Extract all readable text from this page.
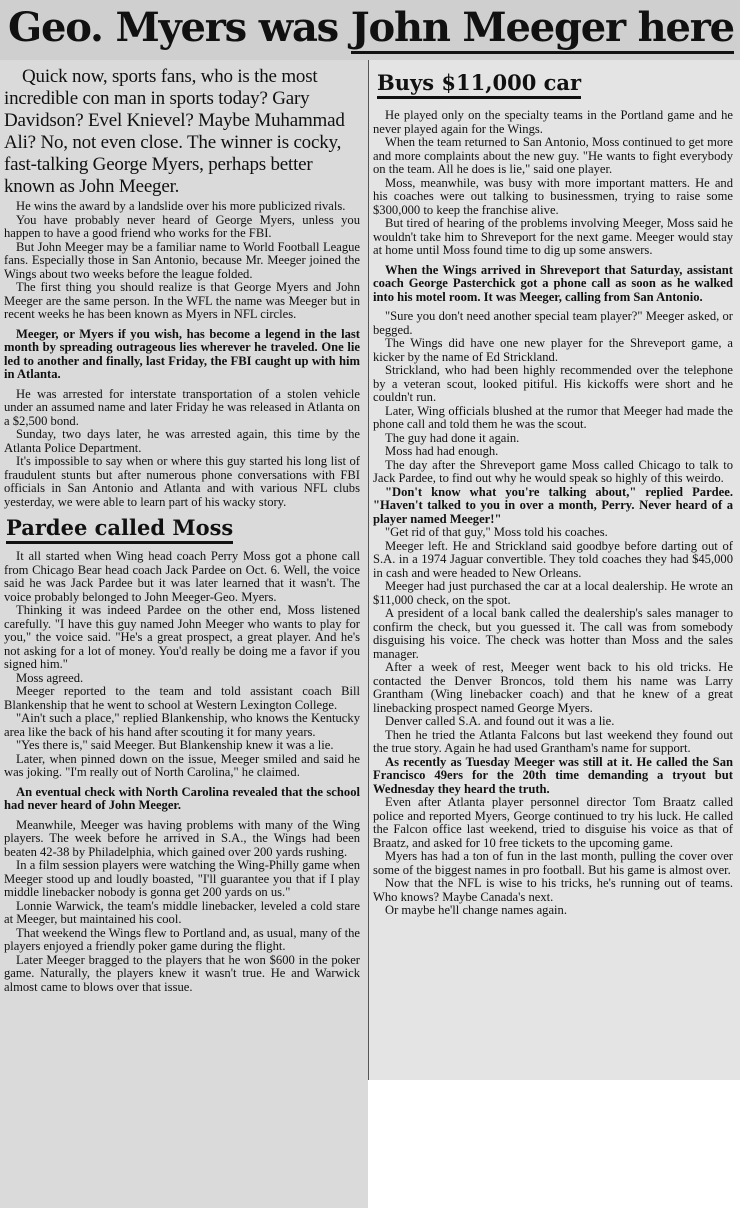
Geo. Myers was John Meeger here
Quick now, sports fans, who is the most incredible con man in sports today? Gary Davidson? Evel Knievel? Maybe Muhammad Ali? No, not even close. The winner is cocky, fast-talking George Myers, perhaps better known as John Meeger.

He wins the award by a landslide over his more publicized rivals.

You have probably never heard of George Myers, unless you happen to have a good friend who works for the FBI.

But John Meeger may be a familiar name to World Football League fans. Especially those in San Antonio, because Mr. Meeger joined the Wings about two weeks before the league folded.

The first thing you should realize is that George Myers and John Meeger are the same person. In the WFL the name was Meeger but in recent weeks he has been known as Myers in NFL circles.

Meeger, or Myers if you wish, has become a legend in the last month by spreading outrageous lies wherever he traveled. One lie led to another and finally, last Friday, the FBI caught up with him in Atlanta.

He was arrested for interstate transportation of a stolen vehicle under an assumed name and later Friday he was released in Atlanta on a $2,500 bond.

Sunday, two days later, he was arrested again, this time by the Atlanta Police Department.

It's impossible to say when or where this guy started his long list of fraudulent stunts but after numerous phone conversations with FBI officials in San Antonio and Atlanta and with various NFL clubs yesterday, we were able to learn part of his wacky story.

Pardee called Moss

It all started when Wing head coach Perry Moss got a phone call from Chicago Bear head coach Jack Pardee on Oct. 6. Well, the voice said he was Jack Pardee but it was later learned that it wasn't. The voice probably belonged to John Meeger-Geo. Myers.

Thinking it was indeed Pardee on the other end, Moss listened carefully. "I have this guy named John Meeger who wants to play for you," the voice said. "He's a great prospect, a great player. And he's not asking for a lot of money. You'd really be doing me a favor if you signed him."

Moss agreed.

Meeger reported to the team and told assistant coach Bill Blankenship that he went to school at Western Lexington College.

"Ain't such a place," replied Blankenship, who knows the Kentucky area like the back of his hand after scouting it for many years.

"Yes there is," said Meeger. But Blankenship knew it was a lie.

Later, when pinned down on the issue, Meeger smiled and said he was joking. "I'm really out of North Carolina," he claimed.

An eventual check with North Carolina revealed that the school had never heard of John Meeger.

Meanwhile, Meeger was having problems with many of the Wing players. The week before he arrived in S.A., the Wings had been beaten 42-38 by Philadelphia, which gained over 200 yards rushing.

In a film session players were watching the Wing-Philly game when Meeger stood up and loudly boasted, "I'll guarantee you that if I play middle linebacker nobody is gonna get 200 yards on us."

Lonnie Warwick, the team's middle linebacker, leveled a cold stare at Meeger, but maintained his cool.

That weekend the Wings flew to Portland and, as usual, many of the players enjoyed a friendly poker game during the flight.

Later Meeger bragged to the players that he won $600 in the poker game. Naturally, the players knew it wasn't true. He and Warwick almost came to blows over that issue.

Buys $11,000 car

He played only on the specialty teams in the Portland game and he never played again for the Wings.

When the team returned to San Antonio, Moss continued to get more and more complaints about the new guy. "He wants to fight everybody on the team. All he does is lie," said one player.

Moss, meanwhile, was busy with more important matters. He and his coaches were out talking to businessmen, trying to raise some $300,000 to keep the franchise alive.

But tired of hearing of the problems involving Meeger, Moss said he wouldn't take him to Shreveport for the next game. Meeger would stay at home until Moss found time to dig up some answers.

When the Wings arrived in Shreveport that Saturday, assistant coach George Pasterchick got a phone call as soon as he walked into his motel room. It was Meeger, calling from San Antonio.

"Sure you don't need another special team player?" Meeger asked, or begged.

The Wings did have one new player for the Shreveport game, a kicker by the name of Ed Strickland.

Strickland, who had been highly recommended over the telephone by a veteran scout, looked pitiful. His kickoffs were short and he couldn't run.

Later, Wing officials blushed at the rumor that Meeger had made the phone call and told them he was the scout.

The guy had done it again.

Moss had had enough.

The day after the Shreveport game Moss called Chicago to talk to Jack Pardee, to find out why he would speak so highly of this weirdo.

"Don't know what you're talking about," replied Pardee. "Haven't talked to you in over a month, Perry. Never heard of a player named Meeger!"

"Get rid of that guy," Moss told his coaches.

Meeger left. He and Strickland said goodbye before darting out of S.A. in a 1974 Jaguar convertible. They told coaches they had $45,000 in cash and were headed to New Orleans.

Meeger had just purchased the car at a local dealership. He wrote an $11,000 check, on the spot.

A president of a local bank called the dealership's sales manager to confirm the check, but you guessed it. The call was from somebody disguising his voice. The check was hotter than Moss and the sales manager.

After a week of rest, Meeger went back to his old tricks. He contacted the Denver Broncos, told them his name was Larry Grantham (Wing linebacker coach) and that he knew of a great linebacking prospect named George Myers.

Denver called S.A. and found out it was a lie.

Then he tried the Atlanta Falcons but last weekend they found out the true story. Again he had used Grantham's name for support.

As recently as Tuesday Meeger was still at it. He called the San Francisco 49ers for the 20th time demanding a tryout but Wednesday they heard the truth.

Even after Atlanta player personnel director Tom Braatz called police and reported Myers, George continued to try his luck. He called the Falcon office last weekend, tried to disguise his voice as that of Braatz, and asked for 10 free tickets to the upcoming game.

Myers has had a ton of fun in the last month, pulling the cover over some of the biggest names in pro football. But his game is almost over.

Now that the NFL is wise to his tricks, he's running out of teams. Who knows? Maybe Canada's next.

Or maybe he'll change names again.
